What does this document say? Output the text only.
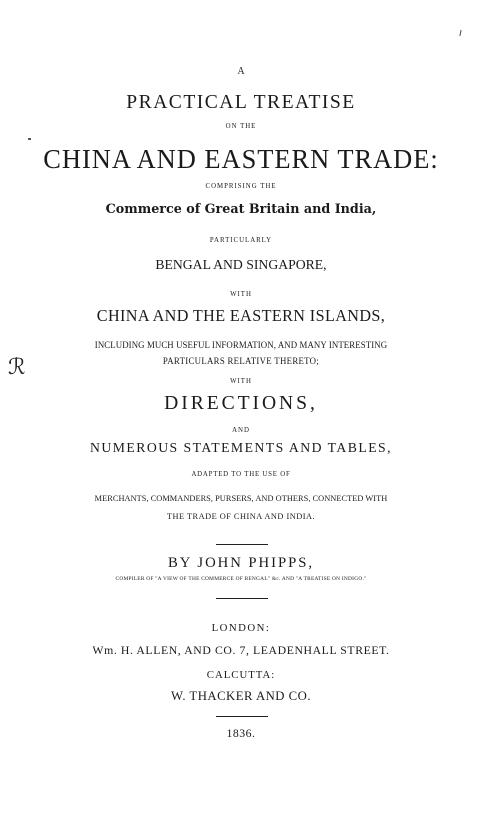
A
PRACTICAL TREATISE
ON THE
CHINA AND EASTERN TRADE:
COMPRISING THE
Commerce of Great Britain and India,
PARTICULARLY
BENGAL AND SINGAPORE,
WITH
CHINA AND THE EASTERN ISLANDS,
INCLUDING MUCH USEFUL INFORMATION, AND MANY INTERESTING
PARTICULARS RELATIVE THERETO;
WITH
DIRECTIONS,
AND
NUMEROUS STATEMENTS AND TABLES,
ADAPTED TO THE USE OF
MERCHANTS, COMMANDERS, PURSERS, AND OTHERS, CONNECTED WITH
THE TRADE OF CHINA AND INDIA.
BY JOHN PHIPPS,
COMPILER OF "A VIEW OF THE COMMERCE OF BENGAL" &c. AND "A TREATISE ON INDIGO."
LONDON:
Wm. H. ALLEN, AND CO. 7, LEADENHALL STREET.
CALCUTTA:
W. THACKER AND CO.
1836.
ℛ
